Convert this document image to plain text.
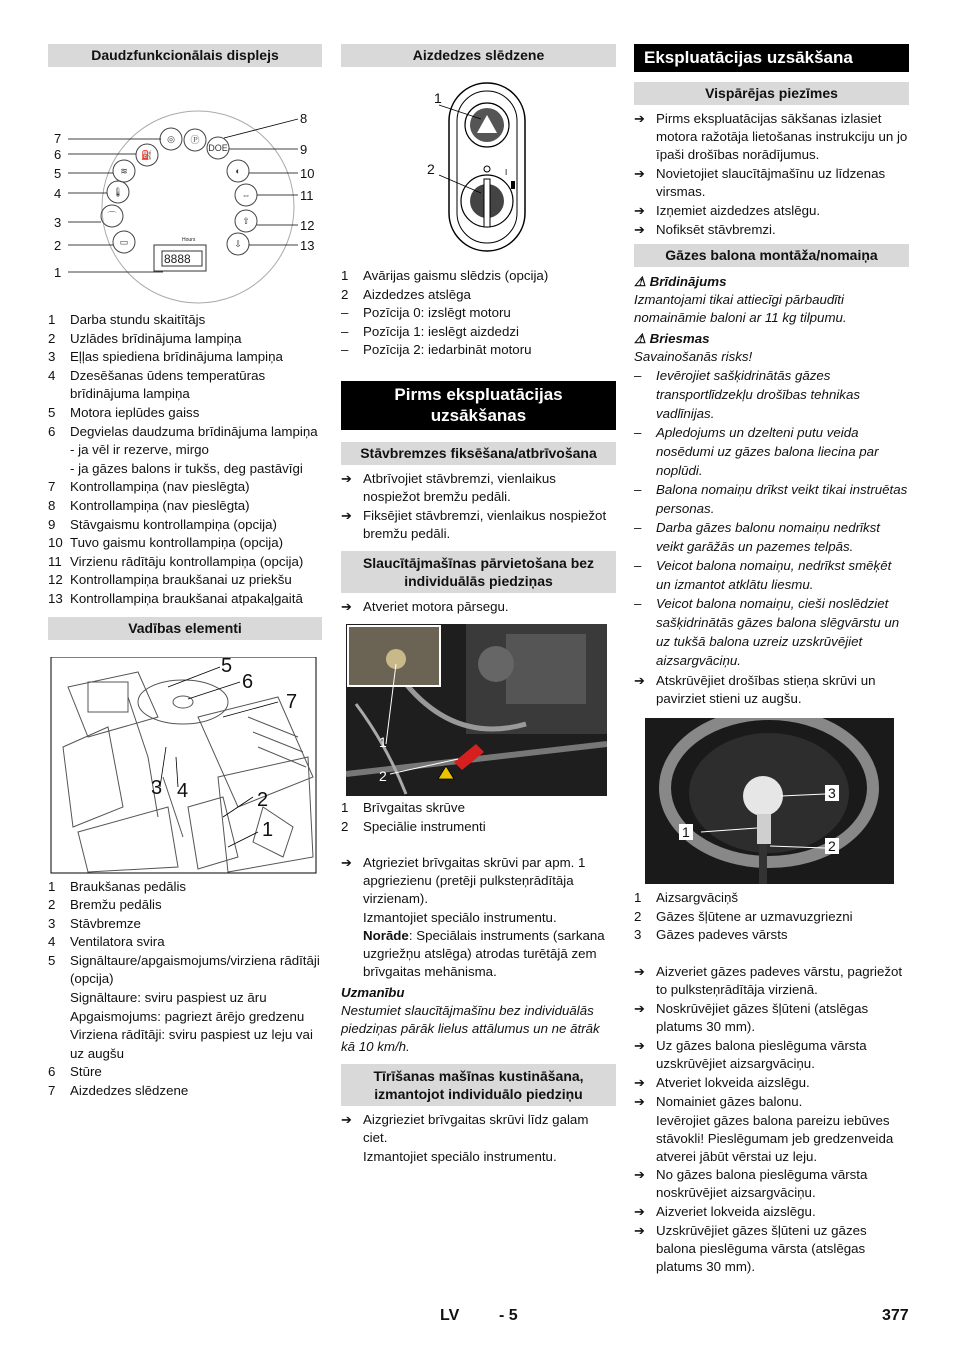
Daudzfunkcionālais displejs
⛽
◎ Ⓟ
DOE
≋
🌡
⌒
▭
◐
⇔
⇧
⇩
Hours
8888
7
6
5
4
3
2
1
8
9
10
11
12
13
1	Darba stundu skaitītājs
2	Uzlādes brīdinājuma lampiņa
3	Eļļas spiediena brīdinājuma lampiņa
4	Dzesēšanas ūdens temperatūras brīdinājuma lampiņa
5	Motora ieplūdes gaiss
6	Degvielas daudzuma brīdinājuma lampiņa
- ja vēl ir rezerve, mirgo
- ja gāzes balons ir tukšs, deg pastāvīgi
7	Kontrollampiņa (nav pieslēgta)
8	Kontrollampiņa (nav pieslēgta)
9	Stāvgaismu kontrollampiņa (opcija)
10 Tuvo gaismu kontrollampiņa (opcija)
11 Virzienu rādītāju kontrollampiņa (opcija)
12 Kontrollampiņa braukšanai uz priekšu
13 Kontrollampiņa braukšanai atpakaļgaitā
Vadības elementi
5
6
7
3 4	2
1
1	Braukšanas pedālis
2	Bremžu pedālis
3	Stāvbremze
4	Ventilatora svira
5	Signāltaure/apgaismojums/virziena rādītāji (opcija)
Signāltaure: sviru paspiest uz āru
Apgaismojums: pagriezt ārējo gredzenu
Virziena rādītāji: sviru paspiest uz leju vai uz augšu
6	Stūre
7	Aizdedzes slēdzene
Aizdedzes slēdzene
I
1
2
1	Avārijas gaismu slēdzis (opcija)
2	Aizdedzes atslēga
–	Pozīcija 0: izslēgt motoru
–	Pozīcija 1: ieslēgt aizdedzi
–	Pozīcija 2: iedarbināt motoru
Pirms ekspluatācijas uzsākšanas
Stāvbremzes fiksēšana/atbrīvošana
➔ Atbrīvojiet stāvbremzi, vienlaikus nospiežot bremžu pedāli.
➔ Fiksējiet stāvbremzi, vienlaikus nospiežot bremžu pedāli.
Slaucītājmašīnas pārvietošana bez individuālās piedziņas
➔ Atveriet motora pārsegu.
1
2
1	Brīvgaitas skrūve
2	Speciālie instrumenti
➔ Atgrieziet brīvgaitas skrūvi par apm. 1 apgriezienu (pretēji pulksteņrādītāja virzienam).
Izmantojiet speciālo instrumentu.
Norāde: Speciālais instruments (sarkana uzgriežņu atslēga) atrodas turētājā zem brīvgaitas mehānisma.
Uzmanību
Nestumiet slaucītājmašīnu bez individuālās piedziņas pārāk lielus attālumus un ne ātrāk kā 10 km/h.
Tīrīšanas mašīnas kustināšana, izmantojot individuālo piedziņu
➔ Aizgrieziet brīvgaitas skrūvi līdz galam ciet.
Izmantojiet speciālo instrumentu.
Ekspluatācijas uzsākšana
Vispārējas piezīmes
➔ Pirms ekspluatācijas sākšanas izlasiet motora ražotāja lietošanas instrukciju un jo īpaši drošības norādījumus.
➔ Novietojiet slaucītājmašīnu uz līdzenas virsmas.
➔ Izņemiet aizdedzes atslēgu.
➔ Nofiksēt stāvbremzi.
Gāzes balona montāža/nomaiņa
⚠ Brīdinājums
Izmantojami tikai attiecīgi pārbaudīti nomaināmie baloni ar 11 kg tilpumu.
⚠ Briesmas
Savainošanās risks!
–	Ievērojiet sašķidrinātās gāzes transportlīdzekļu drošības tehnikas vadlīnijas.
–	Apledojums un dzelteni putu veida nosēdumi uz gāzes balona liecina par noplūdi.
–	Balona nomaiņu drīkst veikt tikai instruētas personas.
–	Darba gāzes balonu nomaiņu nedrīkst veikt garāžās un pazemes telpās.
–	Veicot balona nomaiņu, nedrīkst smēķēt un izmantot atklātu liesmu.
–	Veicot balona nomaiņu, cieši noslēdziet sašķidrinātās gāzes balona slēgvārstu un uz tukšā balona uzreiz uzskrūvējiet aizsargvāciņu.
➔ Atskrūvējiet drošības stieņa skrūvi un pavirziet stieni uz augšu.
3
1
2
1	Aizsargvāciņš
2	Gāzes šļūtene ar uzmavuzgriezni
3	Gāzes padeves vārsts
➔ Aizveriet gāzes padeves vārstu, pagriežot to pulksteņrādītāja virzienā.
➔ Noskrūvējiet gāzes šļūteni (atslēgas platums 30 mm).
➔ Uz gāzes balona pieslēguma vārsta uzskrūvējiet aizsargvāciņu.
➔ Atveriet lokveida aizslēgu.
➔ Nomainiet gāzes balonu.
Ievērojiet gāzes balona pareizu iebūves stāvokli! Pieslēgumam jeb gredzenveida atverei jābūt vērstai uz leju.
➔ No gāzes balona pieslēguma vārsta noskrūvējiet aizsargvāciņu.
➔ Aizveriet lokveida aizslēgu.
➔ Uzskrūvējiet gāzes šļūteni uz gāzes balona pieslēguma vārsta (atslēgas platums 30 mm).
LV - 5	377
